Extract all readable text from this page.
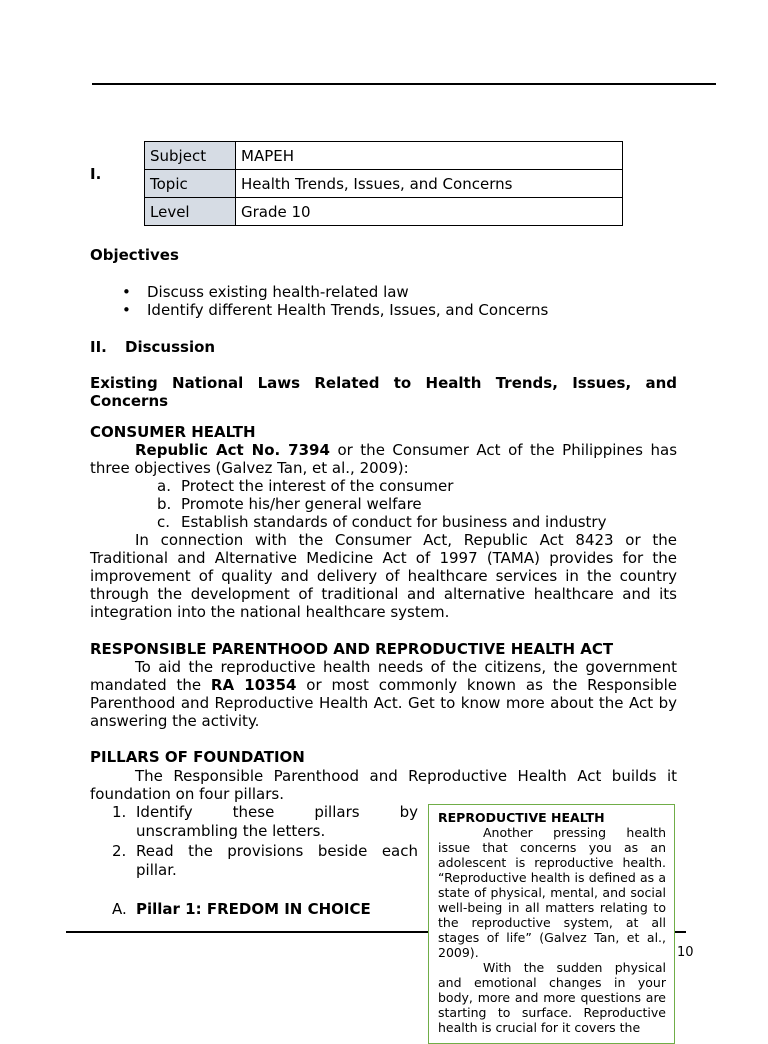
I.
Subject	MAPEH
Topic	Health Trends, Issues, and Concerns
Level	Grade 10
Objectives
• Discuss existing health-related law
• Identify different Health Trends, Issues, and Concerns
II. Discussion
Existing National Laws Related to Health Trends, Issues, and Concerns
CONSUMER HEALTH
Republic Act No. 7394 or the Consumer Act of the Philippines has three objectives (Galvez Tan, et al., 2009):
a. Protect the interest of the consumer
b. Promote his/her general welfare
c. Establish standards of conduct for business and industry
In connection with the Consumer Act, Republic Act 8423 or the Traditional and Alternative Medicine Act of 1997 (TAMA) provides for the improvement of quality and delivery of healthcare services in the country through the development of traditional and alternative healthcare and its integration into the national healthcare system.
RESPONSIBLE PARENTHOOD AND REPRODUCTIVE HEALTH ACT
To aid the reproductive health needs of the citizens, the government mandated the RA 10354 or most commonly known as the Responsible Parenthood and Reproductive Health Act. Get to know more about the Act by answering the activity.
PILLARS OF FOUNDATION
The Responsible Parenthood and Reproductive Health Act builds it foundation on four pillars.
1. Identify these pillars by unscrambling the letters.
2. Read the provisions beside each pillar.
A. Pillar 1: FREDOM IN CHOICE
10
REPRODUCTIVE HEALTH

Another pressing health issue that concerns you as an adolescent is reproductive health. “Reproductive health is defined as a state of physical, mental, and social well-being in all matters relating to the reproductive system, at all stages of life” (Galvez Tan, et al., 2009).

With the sudden physical and emotional changes in your body, more and more questions are starting to surface. Reproductive health is crucial for it covers the
